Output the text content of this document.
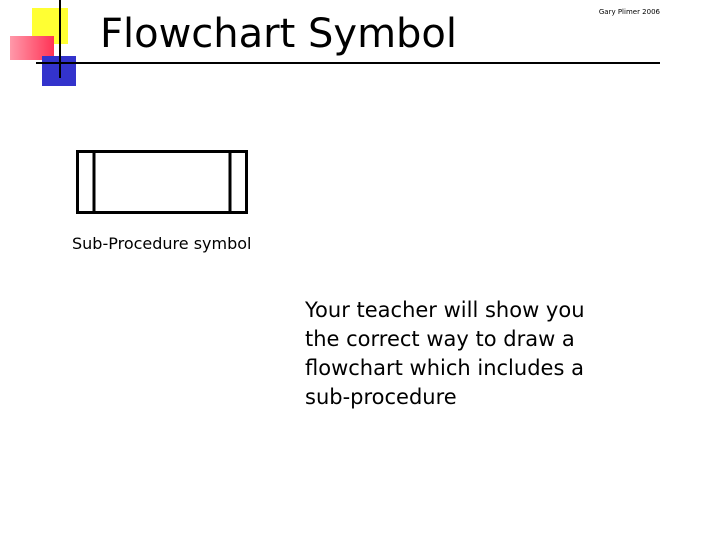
Flowchart Symbol	Gary Plimer 2006
Sub-Procedure symbol
Your teacher will show you the correct way to draw a flowchart which includes a sub-procedure
